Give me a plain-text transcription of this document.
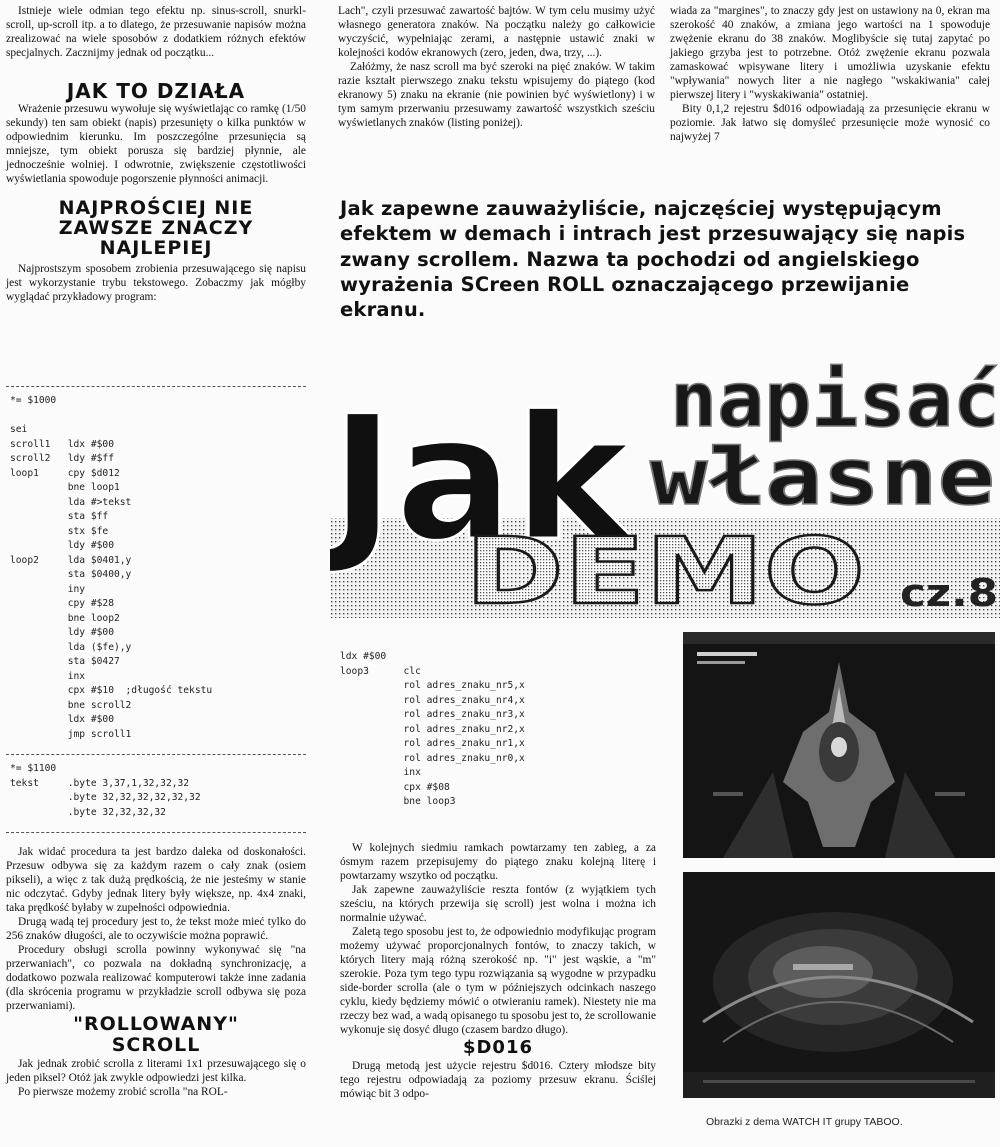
Istnieje wiele odmian tego efektu np. sinus-scroll, snurkl-scroll, up-scroll itp. a to dlatego, że przesuwanie napisów można zrealizować na wiele sposobów z dodatkiem różnych efektów specjalnych. Zacznijmy jednak od początku...

JAK TO DZIAŁA

Wrażenie przesuwu wywołuje się wyświetlając co ramkę (1/50 sekundy) ten sam obiekt (napis) przesunięty o kilka punktów w odpowiednim kierunku. Im poszczególne przesunięcia są mniejsze, tym obiekt porusza się bardziej płynnie, ale jednocześnie wolniej. I odwrotnie, zwiększenie częstotliwości wyświetlania spowoduje pogorszenie płynności animacji.

NAJPROŚCIEJ NIE ZAWSZE ZNACZY NAJLEPIEJ

Najprostszym sposobem zrobienia przesuwającego się napisu jest wykorzystanie trybu tekstowego. Zobaczmy jak mógłby wyglądać przykładowy program:

*= $1000

sei
scroll1   ldx #$00
scroll2   ldy #$ff
loop1     cpy $d012
bne loop1
lda #>tekst
sta $ff
stx $fe
ldy #$00
loop2     lda $0401,y
sta $0400,y
iny
cpy #$28
bne loop2
ldy #$00
lda ($fe),y
sta $0427
inx
cpx #$10  ;długość tekstu
bne scroll2
ldx #$00
jmp scroll1
*= $1100
tekst     .byte 3,37,1,32,32,32
.byte 32,32,32,32,32,32
.byte 32,32,32,32

Jak widać procedura ta jest bardzo daleka od doskonałości. Przesuw odbywa się za każdym razem o cały znak (osiem pikseli), a więc z tak dużą prędkością, że nie jesteśmy w stanie nic odczytać. Gdyby jednak litery były większe, np. 4x4 znaki, taka prędkość byłaby w zupełności odpowiednia.

Drugą wadą tej procedury jest to, że tekst może mieć tylko do 256 znaków długości, ale to oczywiście można poprawić.

Procedury obsługi scrolla powinny wykonywać się "na przerwaniach", co pozwala na dokładną synchronizację, a dodatkowo pozwala realizować komputerowi także inne zadania (dla skrócenia programu w przykładzie scroll odbywa się poza przerwaniami).

"ROLLOWANY" SCROLL

Jak jednak zrobić scrolla z literami 1x1 przesuwającego się o jeden piksel? Otóż jak zwykle odpowiedzi jest kilka.

Po pierwsze możemy zrobić scrolla "na ROL-

Lach", czyli przesuwać zawartość bajtów. W tym celu musimy użyć własnego generatora znaków. Na początku należy go całkowicie wyczyścić, wypełniając zerami, a następnie ustawić znaki w kolejności kodów ekranowych (zero, jeden, dwa, trzy, ...).

Załóżmy, że nasz scroll ma być szeroki na pięć znaków. W takim razie kształt pierwszego znaku tekstu wpisujemy do piątego (kod ekranowy 5) znaku na ekranie (nie powinien być wyświetlony) i w tym samym przerwaniu przesuwamy zawartość wszystkich sześciu wyświetlanych znaków (listing poniżej).

wiada za "margines", to znaczy gdy jest on ustawiony na 0, ekran ma szerokość 40 znaków, a zmiana jego wartości na 1 spowoduje zwężenie ekranu do 38 znaków. Moglibyście się tutaj zapytać po jakiego grzyba jest to potrzebne. Otóż zwężenie ekranu pozwala zamaskować wpisywane litery i umożliwia uzyskanie efektu "wpływania" nowych liter a nie nagłego "wskakiwania" całej pierwszej litery i "wyskakiwania" ostatniej.

Bity 0,1,2 rejestru $d016 odpowiadają za przesunięcie ekranu w poziomie. Jak łatwo się domyśleć przesunięcie może wynosić co najwyżej 7

Jak zapewne zauważyliście, najczęściej występującym efektem w demach i intrach jest przesuwający się napis zwany scrollem. Nazwa ta pochodzi od angielskiego wyrażenia SCreen ROLL oznaczającego przewijanie ekranu.
Jak napisać
własne
DEMO cz.8
ldx #$00
loop3      clc
rol adres_znaku_nr5,x
rol adres_znaku_nr4,x
rol adres_znaku_nr3,x
rol adres_znaku_nr2,x
rol adres_znaku_nr1,x
rol adres_znaku_nr0,x
inx
cpx #$08
bne loop3

W kolejnych siedmiu ramkach powtarzamy ten zabieg, a za ósmym razem przepisujemy do piątego znaku kolejną literę i powtarzamy wszytko od początku.

Jak zapewne zauważyliście reszta fontów (z wyjątkiem tych sześciu, na których przewija się scroll) jest wolna i można ich normalnie używać.

Zaletą tego sposobu jest to, że odpowiednio modyfikując program możemy używać proporcjonalnych fontów, to znaczy takich, w których litery mają różną szerokość np. "i" jest wąskie, a "m" szerokie. Poza tym tego typu rozwiązania są wygodne w przypadku side-border scrolla (ale o tym w późniejszych odcinkach naszego cyklu, kiedy będziemy mówić o otwieraniu ramek). Niestety nie ma rzeczy bez wad, a wadą opisanego tu sposobu jest to, że scrollowanie wykonuje się dosyć długo (czasem bardzo długo).

$D016

Drugą metodą jest użycie rejestru $d016. Cztery młodsze bity tego rejestru odpowiadają za poziomy przesuw ekranu. Ściślej mówiąc bit 3 odpo-

Obrazki z dema WATCH IT grupy TABOO.
